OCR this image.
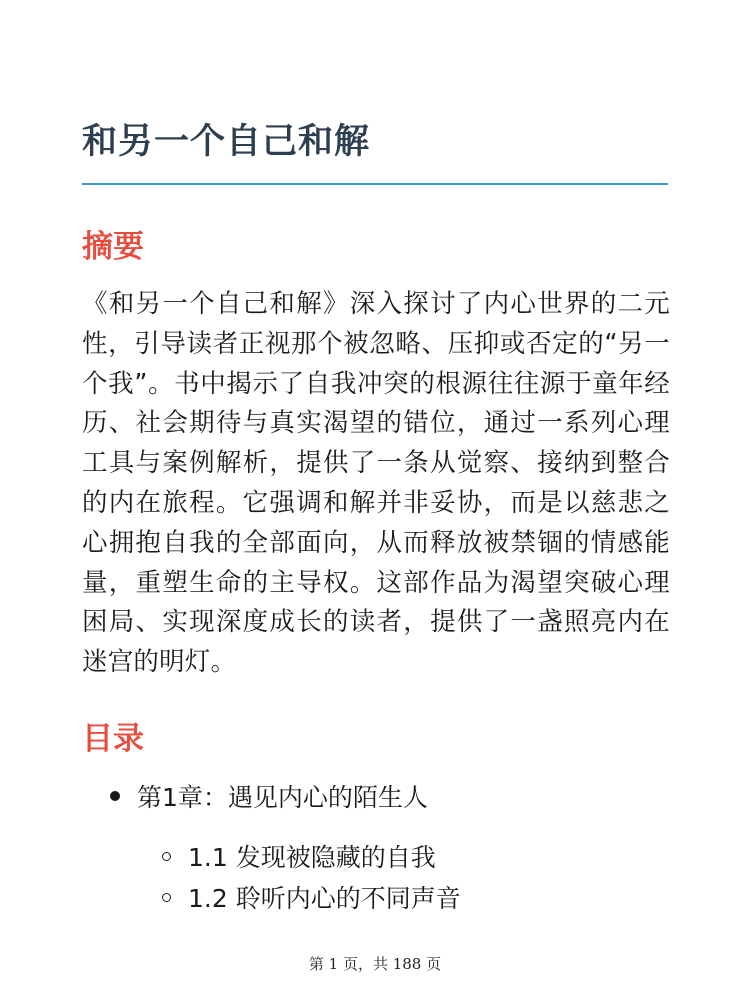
和另一个自己和解
摘要

《和另一个自己和解》深入探讨了内心世界的二元性，引导读者正视那个被忽略、压抑或否定的“另一个我”。书中揭示了自我冲突的根源往往源于童年经历、社会期待与真实渴望的错位，通过一系列心理工具与案例解析，提供了一条从觉察、接纳到整合的内在旅程。它强调和解并非妥协，而是以慈悲之心拥抱自我的全部面向，从而释放被禁锢的情感能量，重塑生命的主导权。这部作品为渴望突破心理困局、实现深度成长的读者，提供了一盏照亮内在迷宫的明灯。

目录
第1章：遇见内心的陌生人
1.1 发现被隐藏的自我
1.2 聆听内心的不同声音
第 1 页，共 188 页
